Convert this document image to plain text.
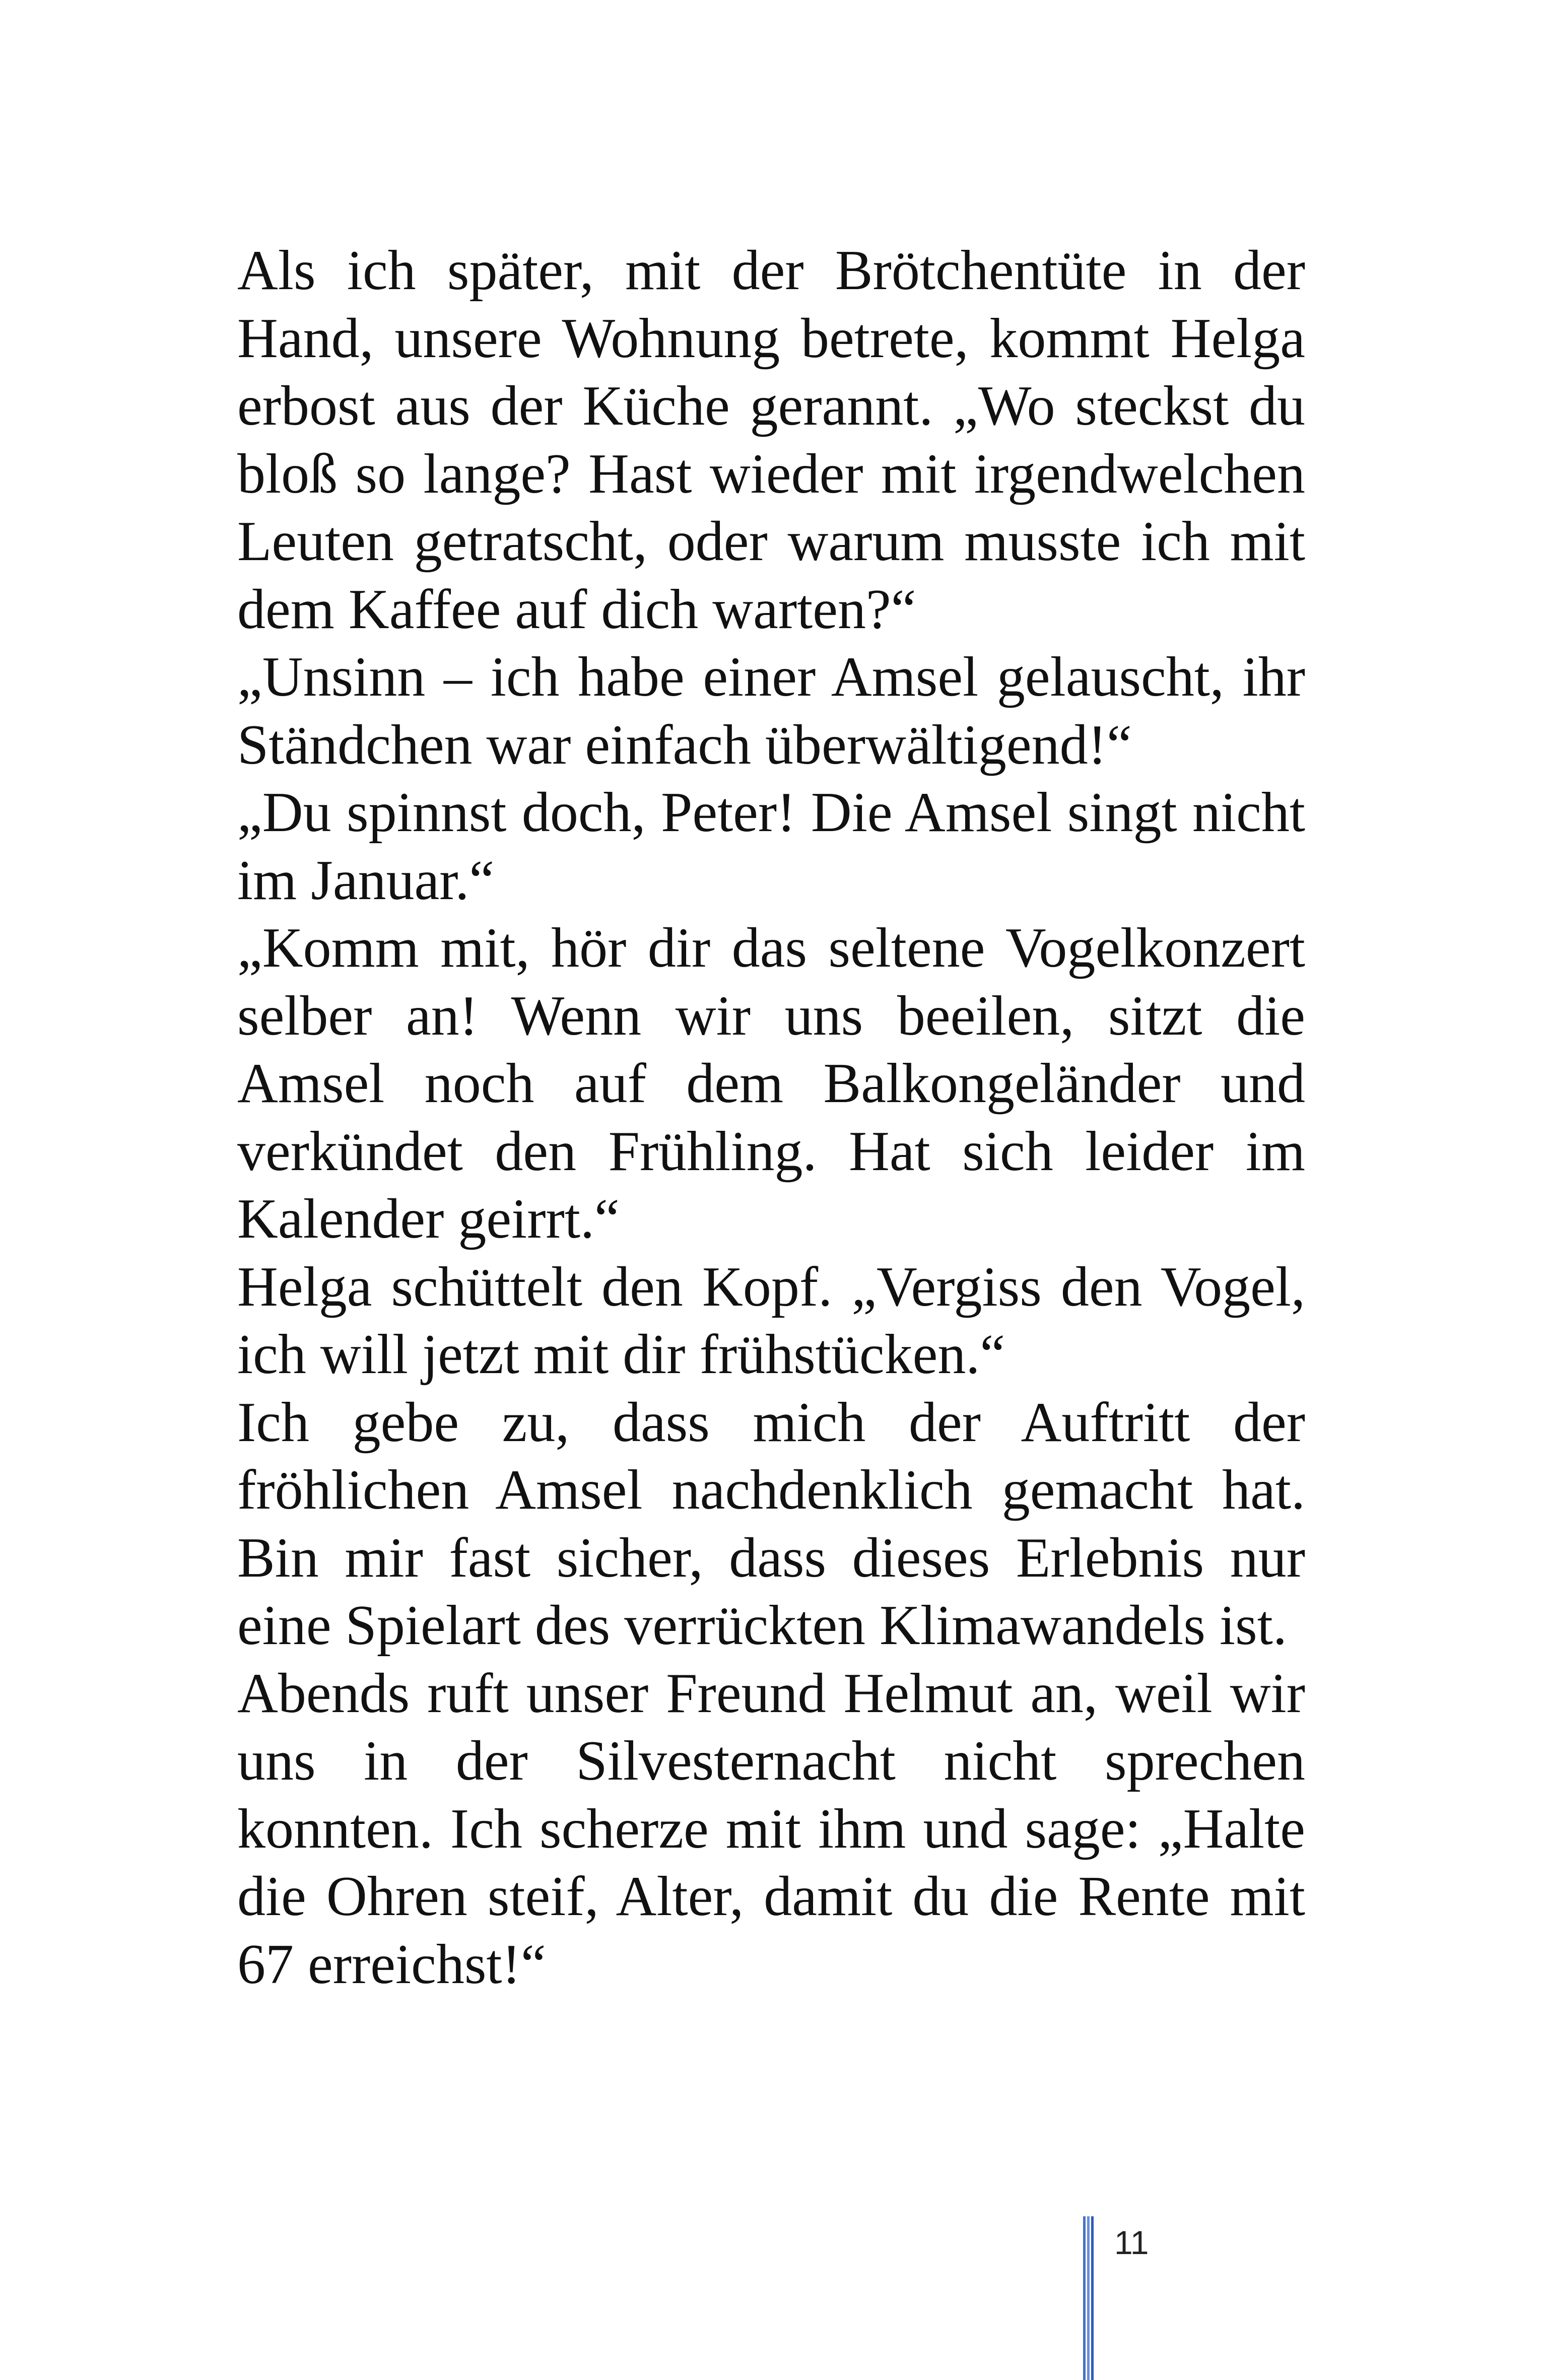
Als ich später, mit der Brötchentüte in der Hand, unsere Wohnung betrete, kommt Helga erbost aus der Küche gerannt. „Wo steckst du bloß so lange? Hast wieder mit irgendwelchen Leuten getratscht, oder warum musste ich mit dem Kaffee auf dich warten?“

„Unsinn – ich habe einer Amsel gelauscht, ihr Ständchen war einfach überwältigend!“

„Du spinnst doch, Peter! Die Amsel singt nicht im Januar.“

„Komm mit, hör dir das seltene Vogelkonzert selber an! Wenn wir uns beeilen, sitzt die Amsel noch auf dem Balkongeländer und verkündet den Frühling. Hat sich leider im Kalender geirrt.“

Helga schüttelt den Kopf. „Vergiss den Vogel, ich will jetzt mit dir frühstücken.“

Ich gebe zu, dass mich der Auftritt der fröhlichen Amsel nachdenklich gemacht hat. Bin mir fast sicher, dass dieses Erlebnis nur eine Spielart des verrückten Klimawandels ist.

Abends ruft unser Freund Helmut an, weil wir uns in der Silvesternacht nicht sprechen konnten. Ich scherze mit ihm und sage: „Halte die Ohren steif, Alter, damit du die Rente mit 67 erreichst!“

11
